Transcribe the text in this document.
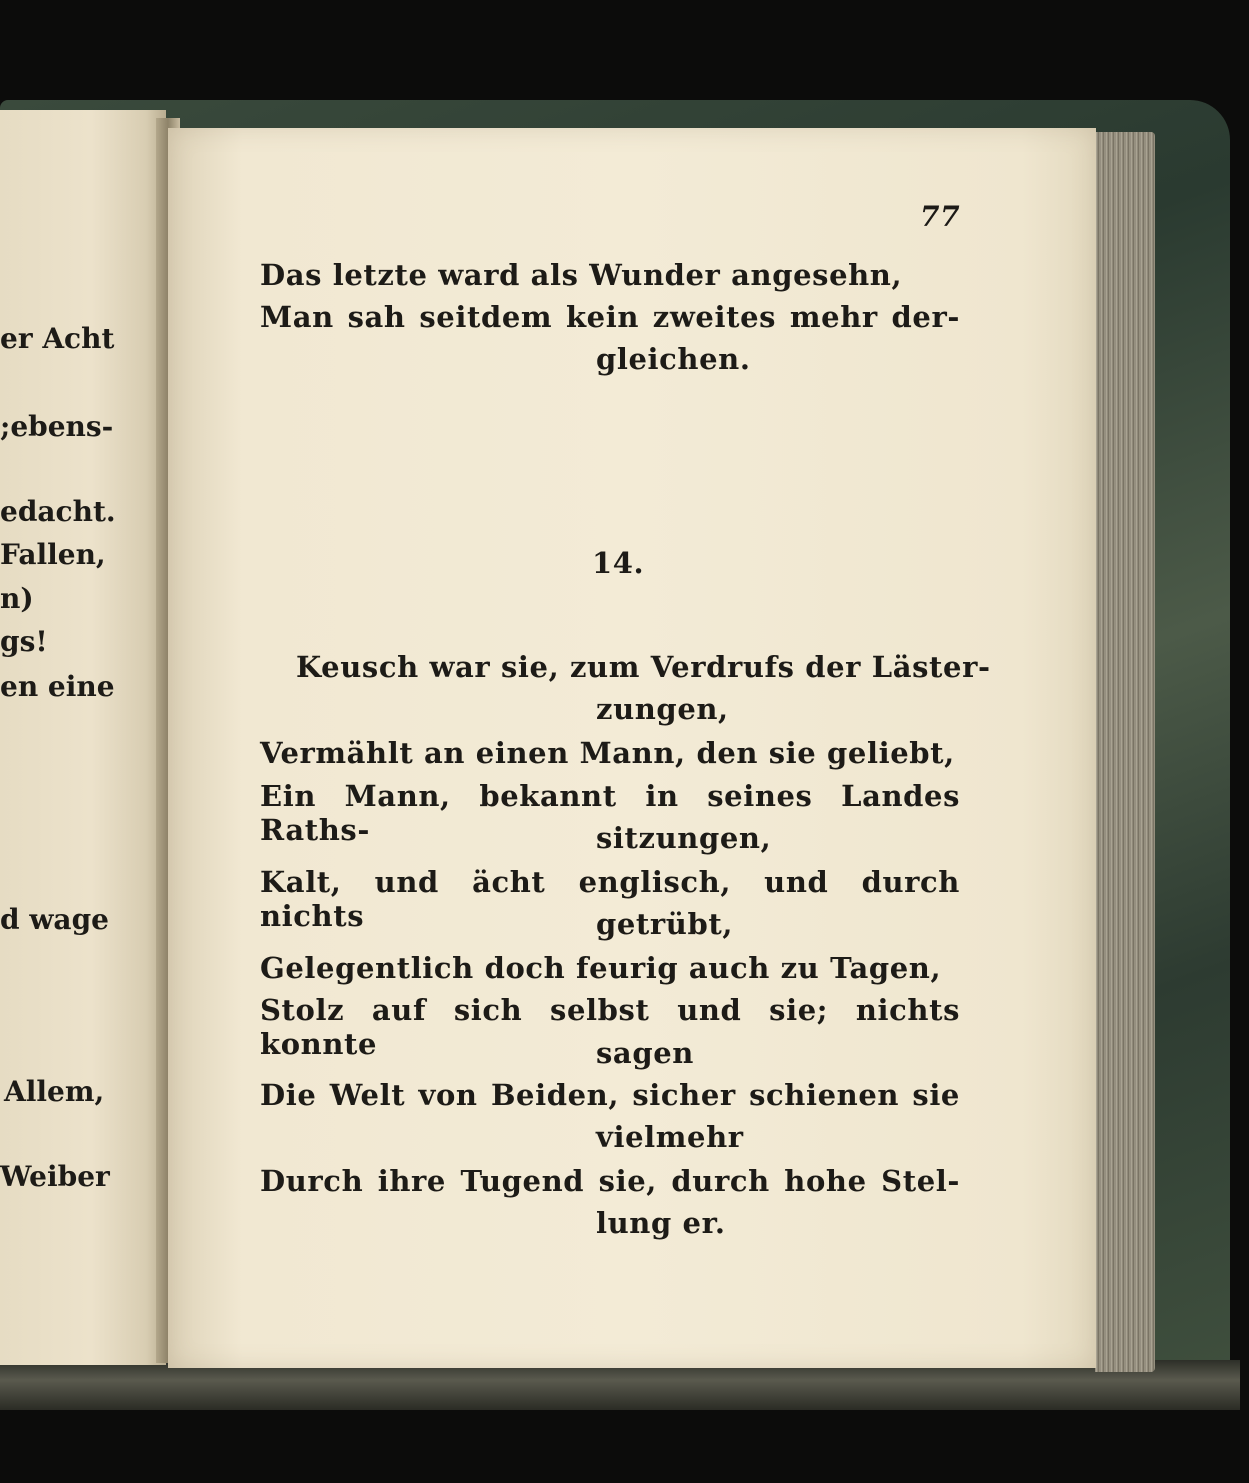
er Acht
;ebens-
edacht.
Fallen,
n)
gs!
en eine
d wage
Allem,
Weiber
77
Das letzte ward als Wunder angesehn,
Man sah seitdem kein zweites mehr der-
gleichen.
14.
Keusch war sie, zum Verdrufs der Läster-
zungen,
Vermählt an einen Mann, den sie geliebt,
Ein Mann, bekannt in seines Landes Raths-	sitzungen,
Kalt, und ächt englisch, und durch nichts	getrübt,
Gelegentlich doch feurig auch zu Tagen,
Stolz auf sich selbst und sie; nichts konnte	sagen
Die Welt von Beiden, sicher schienen sie
vielmehr
Durch ihre Tugend sie, durch hohe Stel-
lung er.
